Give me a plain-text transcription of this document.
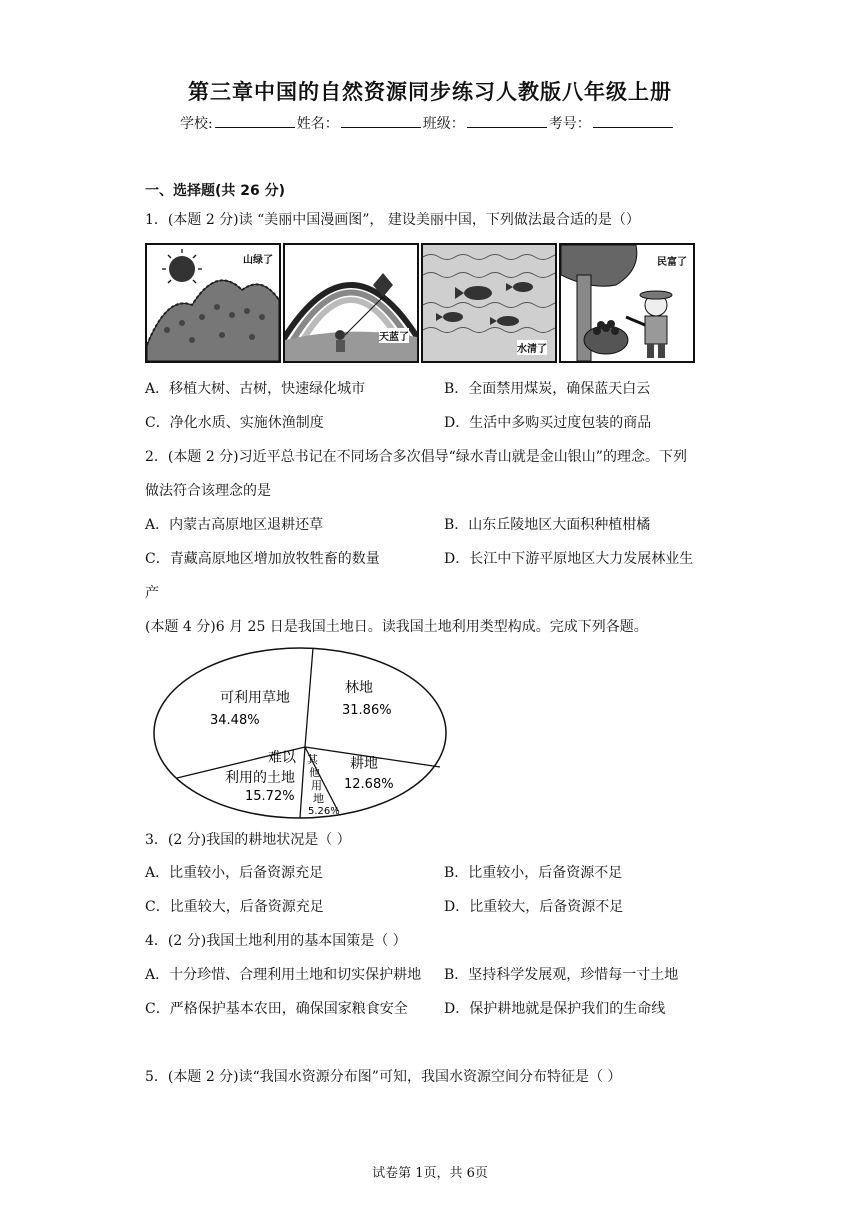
第三章中国的自然资源同步练习人教版八年级上册
学校:	姓名：	班级：	考号：
一、选择题(共 26 分)
1．(本题 2 分)读 “美丽中国漫画图”， 建设美丽中国，下列做法最合适的是（）
山绿了
天蓝了
水清了
民富了
A．移植大树、古树，快速绿化城市	B．全面禁用煤炭，确保蓝天白云
C．净化水质、实施休渔制度	D．生活中多购买过度包装的商品
2．(本题 2 分)习近平总书记在不同场合多次倡导“绿水青山就是金山银山”的理念。下列
做法符合该理念的是
A．内蒙古高原地区退耕还草	B．山东丘陵地区大面积种植柑橘
C．青藏高原地区增加放牧牲畜的数量	D．长江中下游平原地区大力发展林业生
产
(本题 4 分)6 月 25 日是我国土地日。读我国土地利用类型构成。完成下列各题。
可利用草地
34.48%
林地
31.86%
耕地
12.68%
难以
利用的土地
15.72%
其
他
用
地
5.26%
3．(2 分)我国的耕地状况是（ ）
A．比重较小，后备资源充足	B．比重较小，后备资源不足
C．比重较大，后备资源充足	D．比重较大，后备资源不足
4．(2 分)我国土地利用的基本国策是（ ）
A．十分珍惜、合理利用土地和切实保护耕地 B．坚持科学发展观，珍惜每一寸土地
C．严格保护基本农田，确保国家粮食安全	D．保护耕地就是保护我们的生命线
5．(本题 2 分)读“我国水资源分布图”可知，我国水资源空间分布特征是（ ）
试卷第 1页，共 6页
